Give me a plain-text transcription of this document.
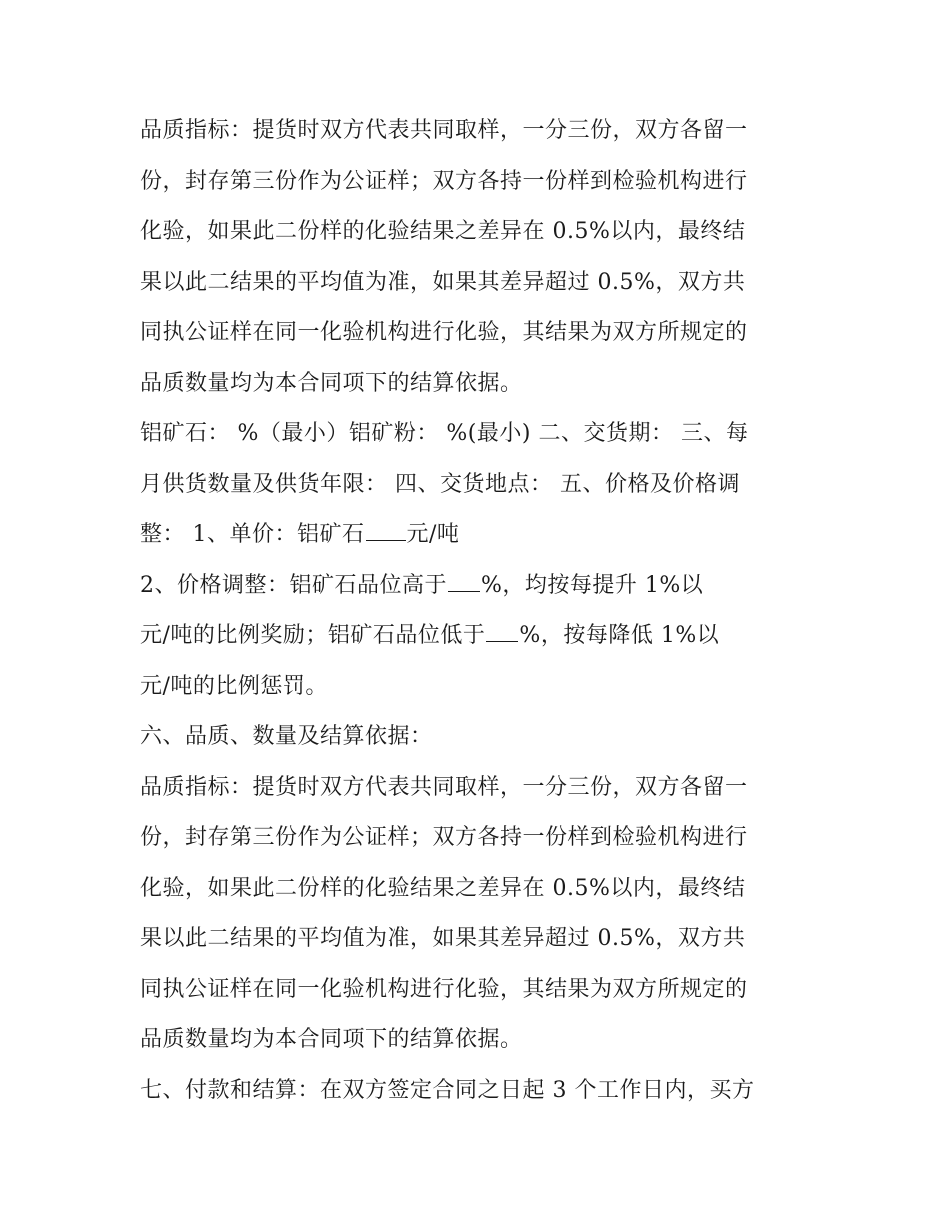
品质指标：提货时双方代表共同取样，一分三份，双方各留一
份，封存第三份作为公证样；双方各持一份样到检验机构进行
化验，如果此二份样的化验结果之差异在 0.5%以内，最终结
果以此二结果的平均值为准，如果其差异超过 0.5%，双方共
同执公证样在同一化验机构进行化验，其结果为双方所规定的
品质数量均为本合同项下的结算依据。
铝矿石： %（最小）铝矿粉： %(最小) 二、交货期： 三、每
月供货数量及供货年限： 四、交货地点： 五、价格及价格调
整： 1、单价：铝矿石 元/吨
2、价格调整：铝矿石品位高于 %，均按每提升 1%以
元/吨的比例奖励；铝矿石品位低于 %，按每降低 1%以
元/吨的比例惩罚。
六、品质、数量及结算依据：
品质指标：提货时双方代表共同取样，一分三份，双方各留一
份，封存第三份作为公证样；双方各持一份样到检验机构进行
化验，如果此二份样的化验结果之差异在 0.5%以内，最终结
果以此二结果的平均值为准，如果其差异超过 0.5%，双方共
同执公证样在同一化验机构进行化验，其结果为双方所规定的
品质数量均为本合同项下的结算依据。
七、付款和结算：在双方签定合同之日起 3 个工作日内，买方
